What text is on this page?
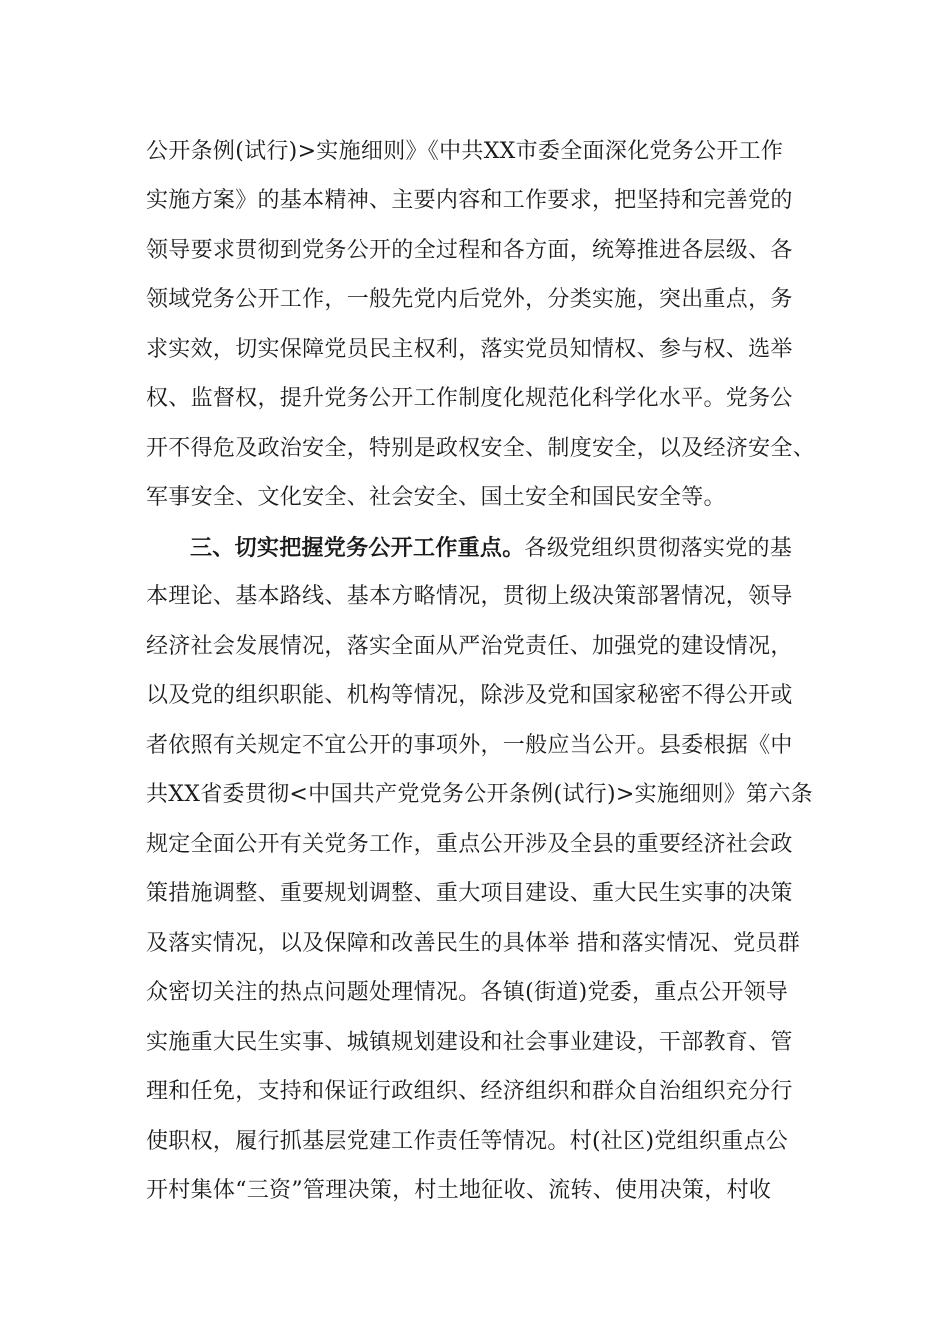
公开条例(试行)>实施细则》《中共XX市委全面深化党务公开工作
实施方案》的基本精神、主要内容和工作要求，把坚持和完善党的
领导要求贯彻到党务公开的全过程和各方面，统筹推进各层级、各
领域党务公开工作，一般先党内后党外，分类实施，突出重点，务
求实效，切实保障党员民主权利，落实党员知情权、参与权、选举
权、监督权，提升党务公开工作制度化规范化科学化水平。党务公
开不得危及政治安全，特别是政权安全、制度安全，以及经济安全、
军事安全、文化安全、社会安全、国土安全和国民安全等。
三、切实把握党务公开工作重点。各级党组织贯彻落实党的基
本理论、基本路线、基本方略情况，贯彻上级决策部署情况，领导
经济社会发展情况，落实全面从严治党责任、加强党的建设情况，
以及党的组织职能、机构等情况，除涉及党和国家秘密不得公开或
者依照有关规定不宜公开的事项外，一般应当公开。县委根据《中
共XX省委贯彻<中国共产党党务公开条例(试行)>实施细则》第六条
规定全面公开有关党务工作，重点公开涉及全县的重要经济社会政
策措施调整、重要规划调整、重大项目建设、重大民生实事的决策
及落实情况，以及保障和改善民生的具体举 措和落实情况、党员群
众密切关注的热点问题处理情况。各镇(街道)党委，重点公开领导
实施重大民生实事、城镇规划建设和社会事业建设，干部教育、管
理和任免，支持和保证行政组织、经济组织和群众自治组织充分行
使职权，履行抓基层党建工作责任等情况。村(社区)党组织重点公
开村集体“三资”管理决策，村土地征收、流转、使用决策，村收
